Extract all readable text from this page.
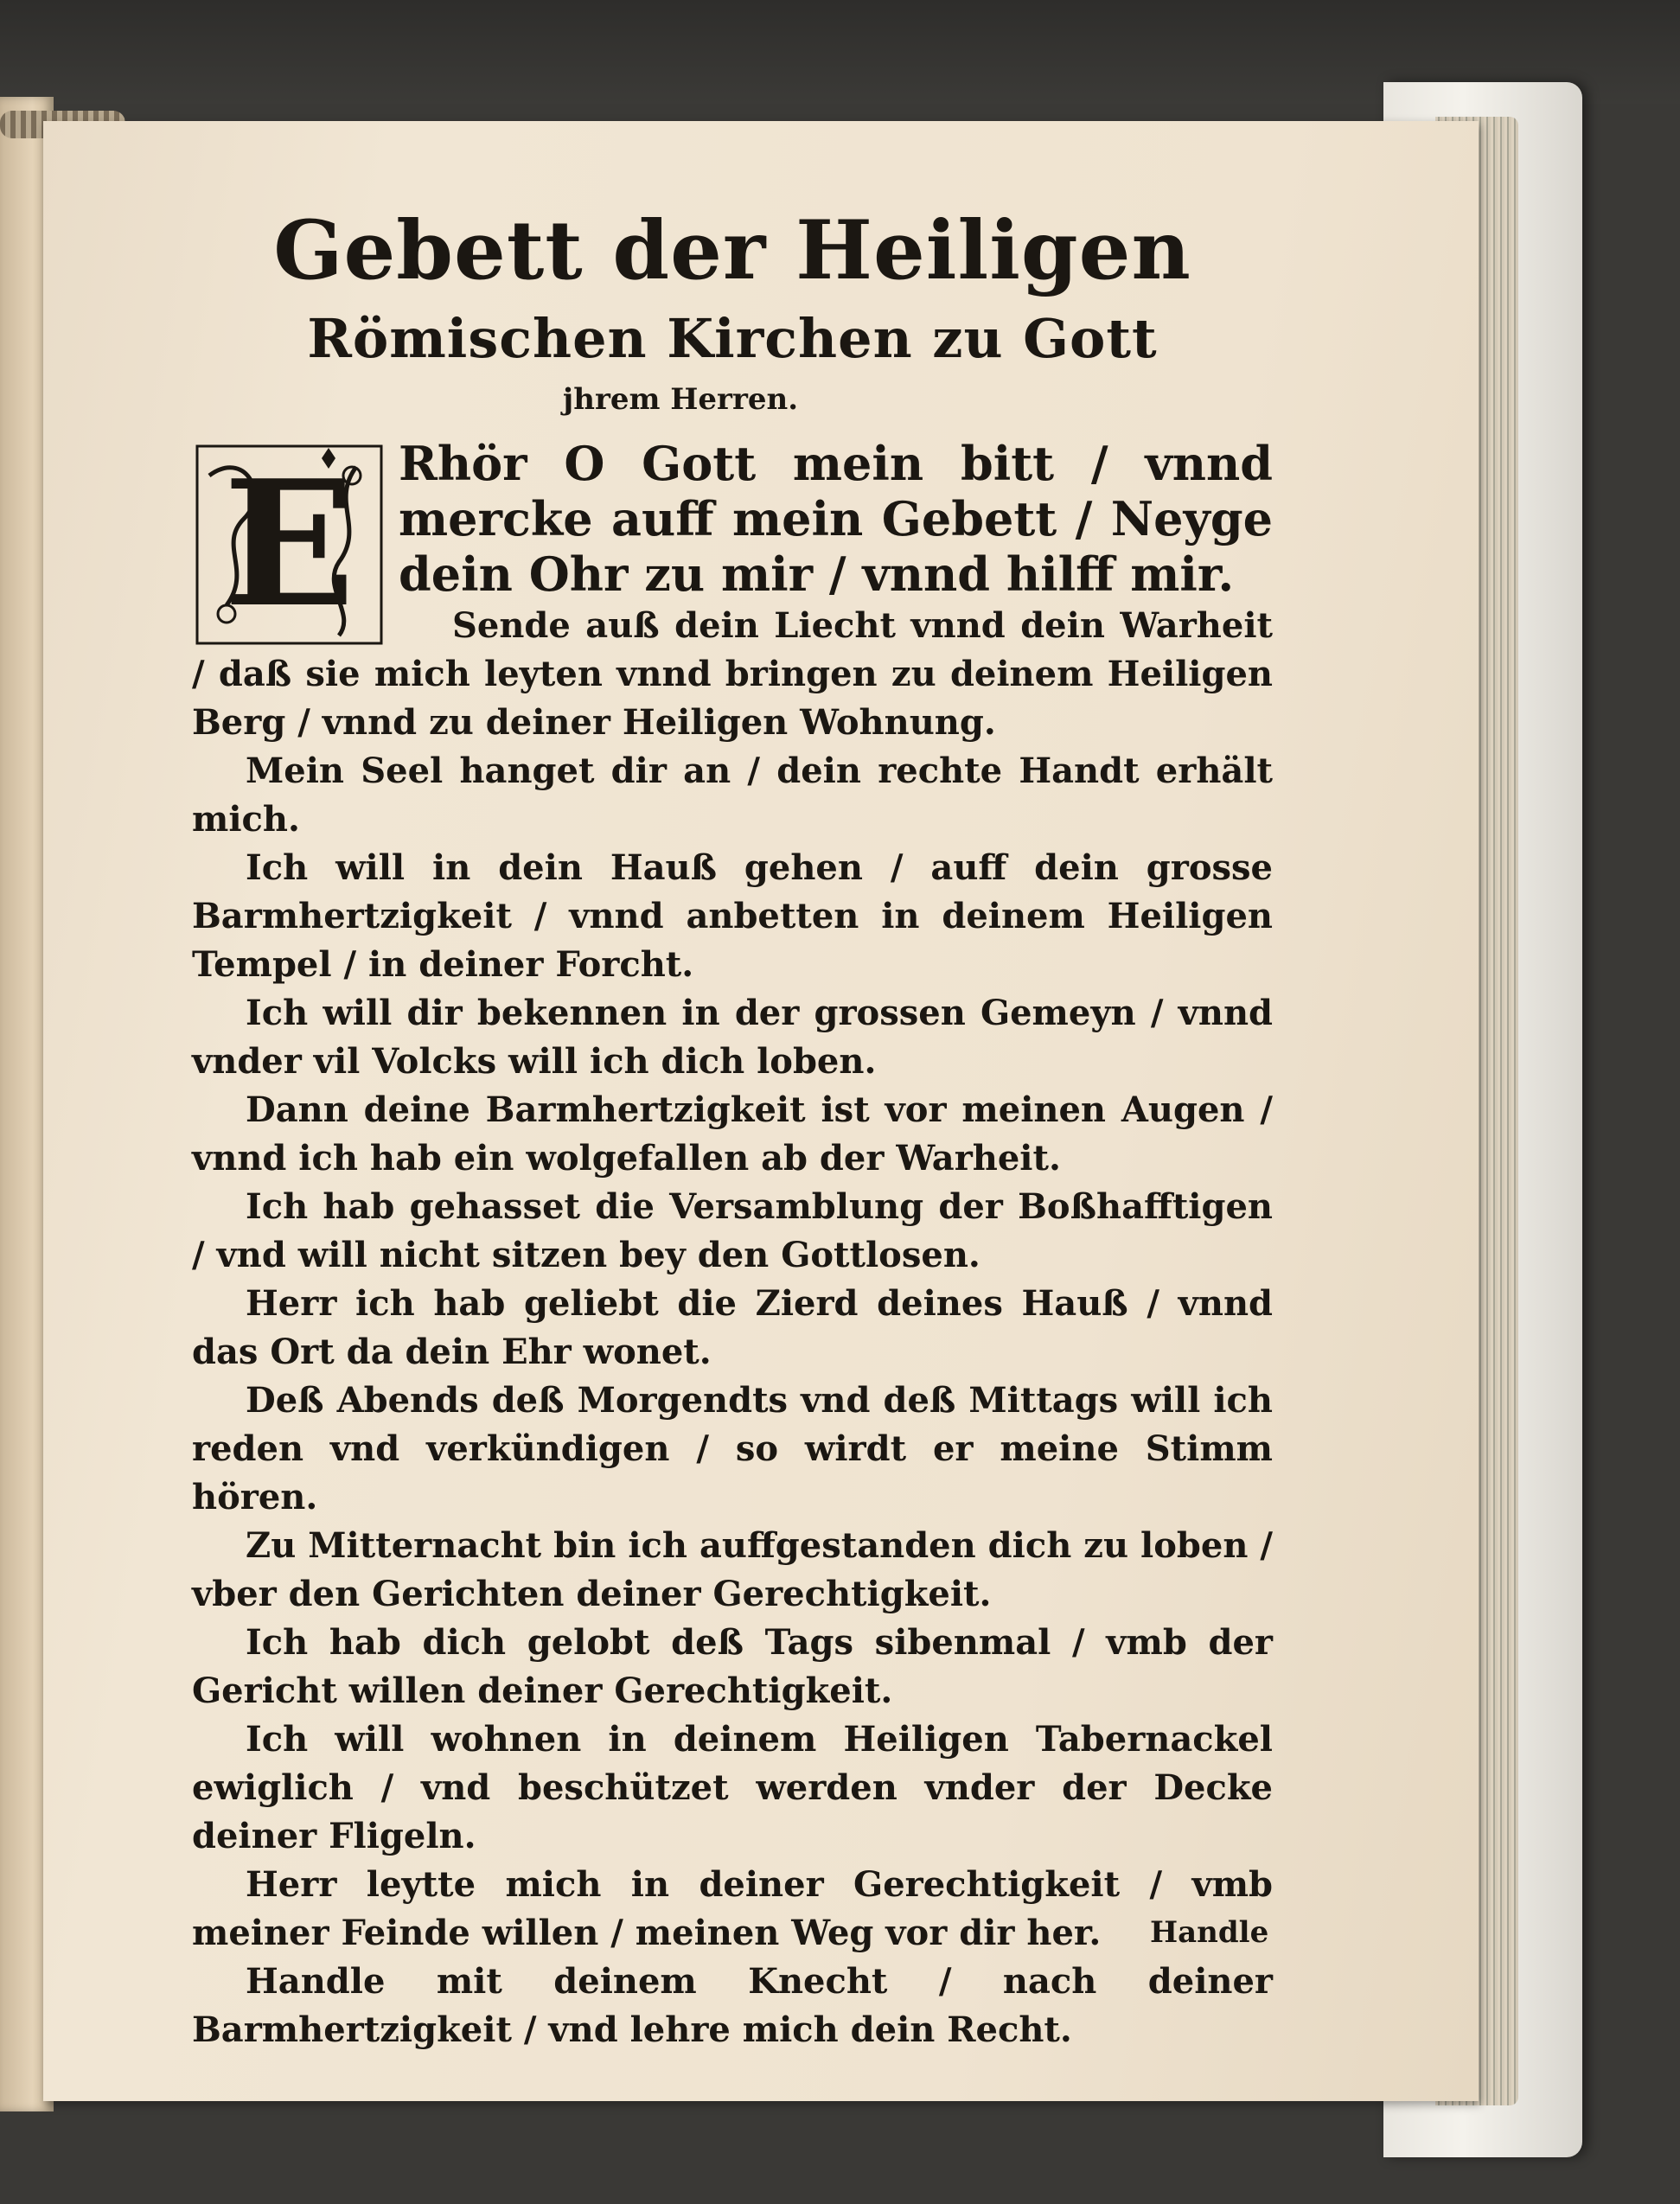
Gebett der Heiligen
Römischen Kirchen zu Gott
jhrem Herren.
E Rhör O Gott mein bitt / vnnd mercke auff mein Gebett / Neyge dein Ohr zu mir / vnnd hilff mir.

Sende auß dein Liecht vnnd dein Warheit / daß sie mich leyten vnnd bringen zu deinem Heiligen Berg / vnnd zu deiner Heiligen Wohnung.

Mein Seel hanget dir an / dein rechte Handt erhält mich.

Ich will in dein Hauß gehen / auff dein grosse Barmhertzigkeit / vnnd anbetten in deinem Heiligen Tempel / in deiner Forcht.

Ich will dir bekennen in der grossen Gemeyn / vnnd vnder vil Volcks will ich dich loben.

Dann deine Barmhertzigkeit ist vor meinen Augen / vnnd ich hab ein wolgefallen ab der Warheit.

Ich hab gehasset die Versamblung der Boßhafftigen / vnd will nicht sitzen bey den Gottlosen.

Herr ich hab geliebt die Zierd deines Hauß / vnnd das Ort da dein Ehr wonet.

Deß Abends deß Morgendts vnd deß Mittags will ich reden vnd verkündigen / so wirdt er meine Stimm hören.

Zu Mitternacht bin ich auffgestanden dich zu loben / vber den Gerichten deiner Gerechtigkeit.

Ich hab dich gelobt deß Tags sibenmal / vmb der Gericht willen deiner Gerechtigkeit.

Ich will wohnen in deinem Heiligen Tabernackel ewiglich / vnd beschützet werden vnder der Decke deiner Fligeln.

Herr leytte mich in deiner Gerechtigkeit / vmb meiner Feinde willen / meinen Weg vor dir her.

Handle mit deinem Knecht / nach deiner Barmhertzigkeit / vnd lehre mich dein Recht.

Handle
